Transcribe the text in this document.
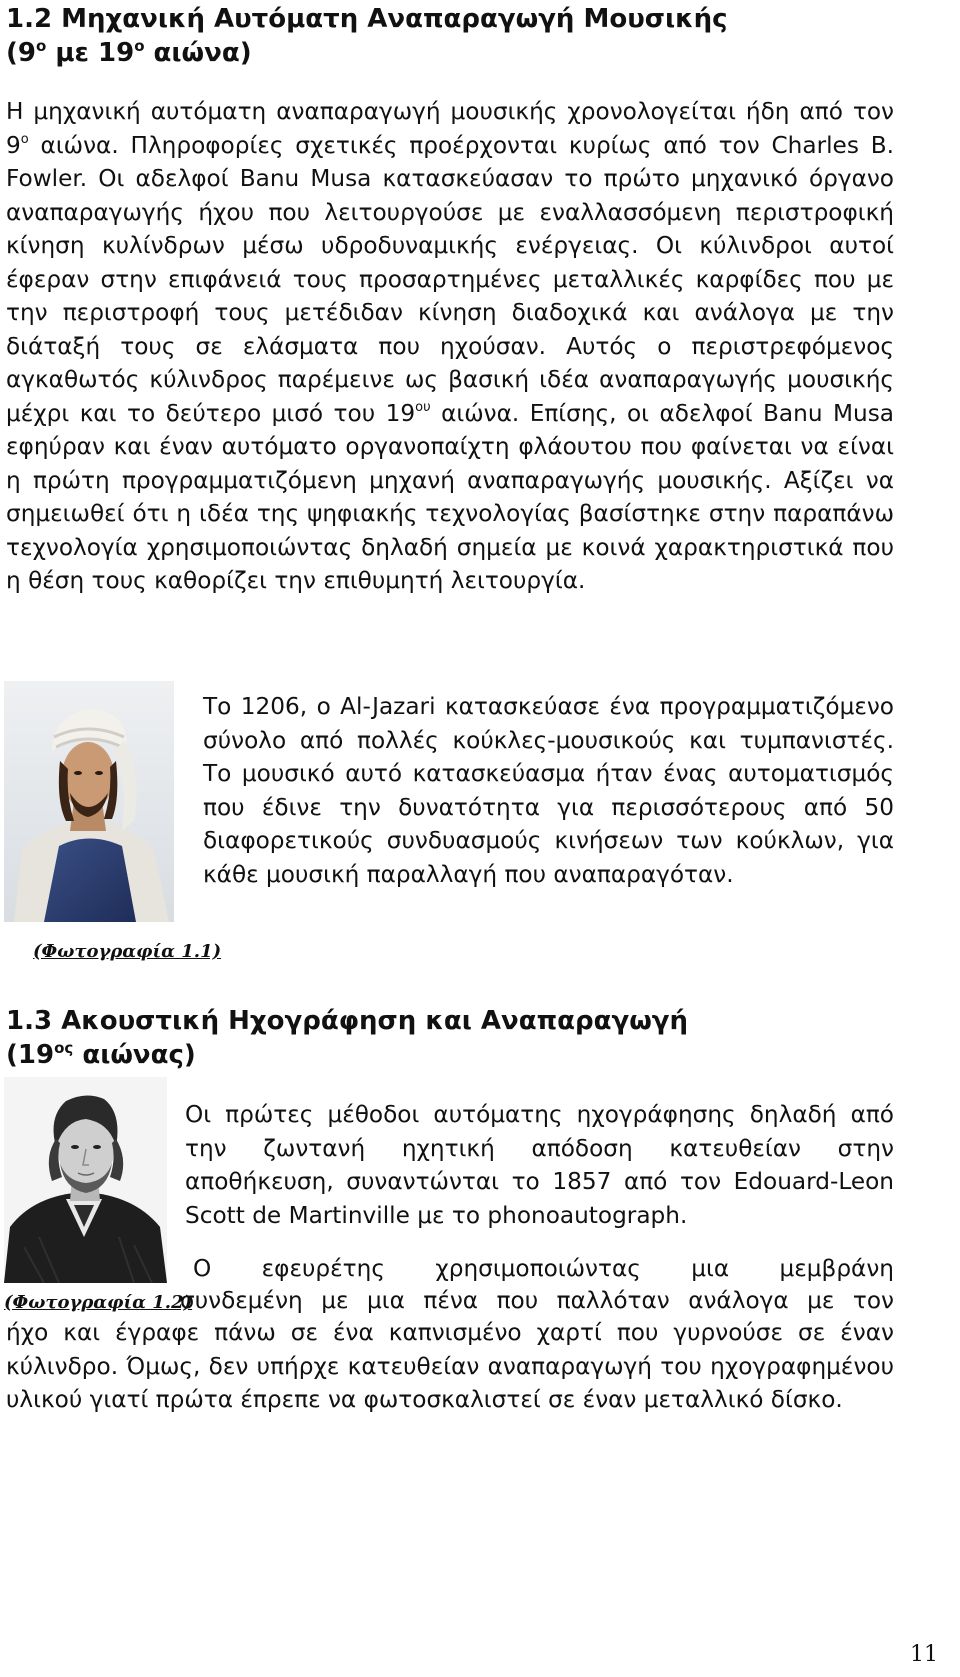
1.2 Μηχανική Αυτόματη Αναπαραγωγή Μουσικής
($9^o$ με $19^o$ αιώνα)

Η μηχανική αυτόματη αναπαραγωγή μουσικής χρονολογείται ήδη από τον $9^o$ αιώνα. Πληροφορίες σχετικές προέρχονται κυρίως από τον Charles B. Fowler. Οι αδελφοί Banu Musa κατασκεύασαν το πρώτο μηχανικό όργανο αναπαραγωγής ήχου που λειτουργούσε με εναλλασσόμενη περιστροφική κίνηση κυλίνδρων μέσω υδροδυναμικής ενέργειας. Οι κύλινδροι αυτοί έφεραν στην επιφάνειά τους προσαρτημένες μεταλλικές καρφίδες που με την περιστροφή τους μετέδιδαν κίνηση διαδοχικά και ανάλογα με την διάταξή τους σε ελάσματα που ηχούσαν. Αυτός ο περιστρεφόμενος αγκαθωτός κύλινδρος παρέμεινε ως βασική ιδέα αναπαραγωγής μουσικής μέχρι και το δεύτερο μισό του $19^{o\upsilon}$ αιώνα. Επίσης, οι αδελφοί Banu Musa εφηύραν και έναν αυτόματο οργανοπαίχτη φλάουτου που φαίνεται να είναι η πρώτη προγραμματιζόμενη μηχανή αναπαραγωγής μουσικής. Αξίζει να σημειωθεί ότι η ιδέα της ψηφιακής τεχνολογίας βασίστηκε στην παραπάνω τεχνολογία χρησιμοποιώντας δηλαδή σημεία με κοινά χαρακτηριστικά που η θέση τους καθορίζει την επιθυμητή λειτουργία.

Το 1206, ο Al-Jazari κατασκεύασε ένα προγραμματιζόμενο σύνολο από πολλές κούκλες-μουσικούς και τυμπανιστές. Το μουσικό αυτό κατασκεύασμα ήταν ένας αυτοματισμός που έδινε την δυνατότητα για περισσότερους από 50 διαφορετικούς συνδυασμούς κινήσεων των κούκλων, για κάθε μουσική παραλλαγή που αναπαραγόταν.

(Φωτογραφία 1.1)
1.3 Ακουστική Ηχογράφηση και Αναπαραγωγή
($19^{o\varsigma}$ αιώνας)

Οι πρώτες μέθοδοι αυτόματης ηχογράφησης δηλαδή από την ζωντανή ηχητική απόδοση κατευθείαν στην αποθήκευση, συναντώνται το 1857 από τον Edouard-Leon Scott de Martinville με το phonoautograph.

Ο εφευρέτης χρησιμοποιώντας μια μεμβράνη

(Φωτογραφία 1.2)

συνδεμένη με μια πένα που παλλόταν ανάλογα με τον

ήχο και έγραφε πάνω σε ένα καπνισμένο χαρτί που γυρνούσε σε έναν κύλινδρο. Όμως, δεν υπήρχε κατευθείαν αναπαραγωγή του ηχογραφημένου υλικού γιατί πρώτα έπρεπε να φωτοσκαλιστεί σε έναν μεταλλικό δίσκο.

11
